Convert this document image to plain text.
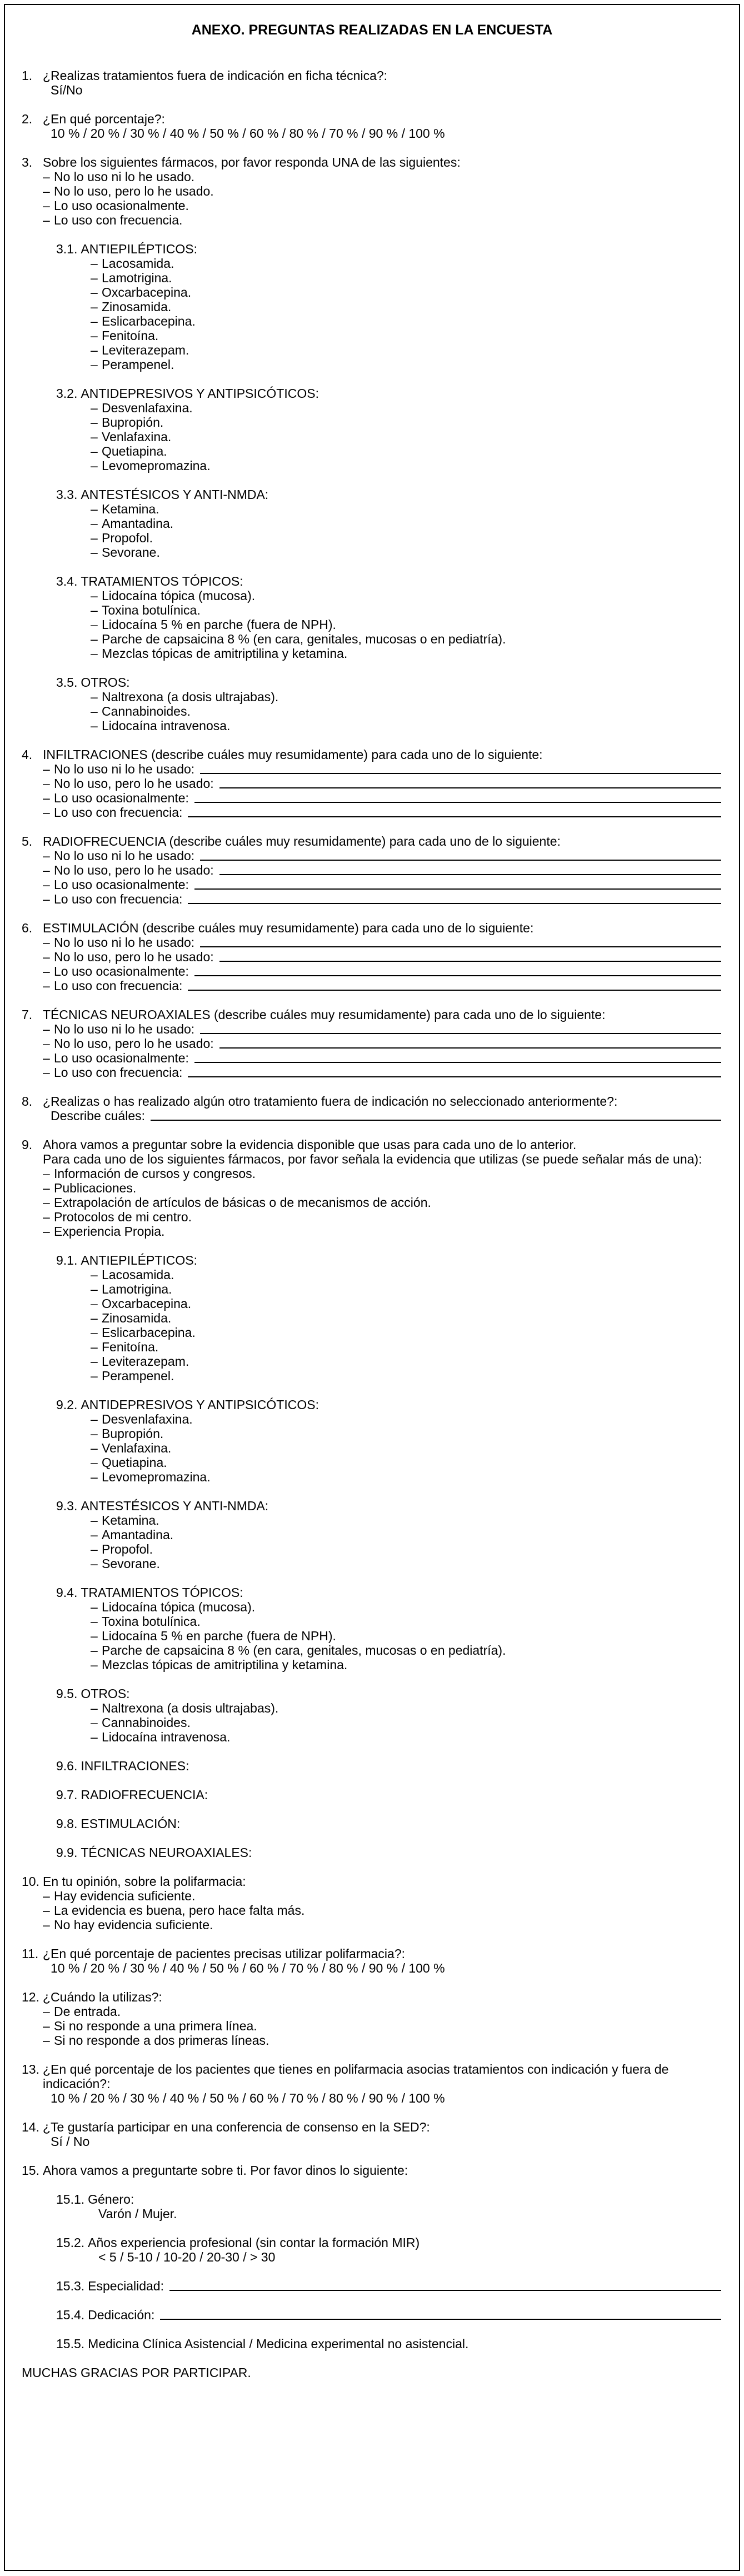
ANEXO. PREGUNTAS REALIZADAS EN LA ENCUESTA
1. ¿Realizas tratamientos fuera de indicación en ficha técnica?:
Sí/No
2. ¿En qué porcentaje?:
10 % / 20 % / 30 % / 40 % / 50 % / 60 % / 80 % / 70 % / 90 % / 100 %
3. Sobre los siguientes fármacos, por favor responda UNA de las siguientes:
– No lo uso ni lo he usado.
– No lo uso, pero lo he usado.
– Lo uso ocasionalmente.
– Lo uso con frecuencia.
3.1. ANTIEPILÉPTICOS:
– Lacosamida.
– Lamotrigina.
– Oxcarbacepina.
– Zinosamida.
– Eslicarbacepina.
– Fenitoína.
– Leviterazepam.
– Perampenel.
3.2. ANTIDEPRESIVOS Y ANTIPSICÓTICOS:
– Desvenlafaxina.
– Bupropión.
– Venlafaxina.
– Quetiapina.
– Levomepromazina.
3.3. ANTESTÉSICOS Y ANTI-NMDA:
– Ketamina.
– Amantadina.
– Propofol.
– Sevorane.
3.4. TRATAMIENTOS TÓPICOS:
– Lidocaína tópica (mucosa).
– Toxina botulínica.
– Lidocaína 5 % en parche (fuera de NPH).
– Parche de capsaicina 8 % (en cara, genitales, mucosas o en pediatría).
– Mezclas tópicas de amitriptilina y ketamina.
3.5. OTROS:
– Naltrexona (a dosis ultrajabas).
– Cannabinoides.
– Lidocaína intravenosa.
4. INFILTRACIONES (describe cuáles muy resumidamente) para cada uno de lo siguiente:
– No lo uso ni lo he usado:
– No lo uso, pero lo he usado:
– Lo uso ocasionalmente:
– Lo uso con frecuencia:
5. RADIOFRECUENCIA (describe cuáles muy resumidamente) para cada uno de lo siguiente:
– No lo uso ni lo he usado:
– No lo uso, pero lo he usado:
– Lo uso ocasionalmente:
– Lo uso con frecuencia:
6. ESTIMULACIÓN (describe cuáles muy resumidamente) para cada uno de lo siguiente:
– No lo uso ni lo he usado:
– No lo uso, pero lo he usado:
– Lo uso ocasionalmente:
– Lo uso con frecuencia:
7. TÉCNICAS NEUROAXIALES (describe cuáles muy resumidamente) para cada uno de lo siguiente:
– No lo uso ni lo he usado:
– No lo uso, pero lo he usado:
– Lo uso ocasionalmente:
– Lo uso con frecuencia:
8. ¿Realizas o has realizado algún otro tratamiento fuera de indicación no seleccionado anteriormente?:
Describe cuáles:
9. Ahora vamos a preguntar sobre la evidencia disponible que usas para cada uno de lo anterior.
Para cada uno de los siguientes fármacos, por favor señala la evidencia que utilizas (se puede señalar más de una):
– Información de cursos y congresos.
– Publicaciones.
– Extrapolación de artículos de básicas o de mecanismos de acción.
– Protocolos de mi centro.
– Experiencia Propia.
9.1. ANTIEPILÉPTICOS:
– Lacosamida.
– Lamotrigina.
– Oxcarbacepina.
– Zinosamida.
– Eslicarbacepina.
– Fenitoína.
– Leviterazepam.
– Perampenel.
9.2. ANTIDEPRESIVOS Y ANTIPSICÓTICOS:
– Desvenlafaxina.
– Bupropión.
– Venlafaxina.
– Quetiapina.
– Levomepromazina.
9.3. ANTESTÉSICOS Y ANTI-NMDA:
– Ketamina.
– Amantadina.
– Propofol.
– Sevorane.
9.4. TRATAMIENTOS TÓPICOS:
– Lidocaína tópica (mucosa).
– Toxina botulínica.
– Lidocaína 5 % en parche (fuera de NPH).
– Parche de capsaicina 8 % (en cara, genitales, mucosas o en pediatría).
– Mezclas tópicas de amitriptilina y ketamina.
9.5. OTROS:
– Naltrexona (a dosis ultrajabas).
– Cannabinoides.
– Lidocaína intravenosa.
9.6. INFILTRACIONES:
9.7. RADIOFRECUENCIA:
9.8. ESTIMULACIÓN:
9.9. TÉCNICAS NEUROAXIALES:
10. En tu opinión, sobre la polifarmacia:
– Hay evidencia suficiente.
– La evidencia es buena, pero hace falta más.
– No hay evidencia suficiente.
11. ¿En qué porcentaje de pacientes precisas utilizar polifarmacia?:
10 % / 20 % / 30 % / 40 % / 50 % / 60 % / 70 % / 80 % / 90 % / 100 %
12. ¿Cuándo la utilizas?:
– De entrada.
– Si no responde a una primera línea.
– Si no responde a dos primeras líneas.
13. ¿En qué porcentaje de los pacientes que tienes en polifarmacia asocias tratamientos con indicación y fuera de indicación?:
10 % / 20 % / 30 % / 40 % / 50 % / 60 % / 70 % / 80 % / 90 % / 100 %
14. ¿Te gustaría participar en una conferencia de consenso en la SED?:
Sí / No
15. Ahora vamos a preguntarte sobre ti. Por favor dinos lo siguiente:
15.1. Género:
Varón / Mujer.
15.2. Años experiencia profesional (sin contar la formación MIR)
< 5 / 5-10 / 10-20 / 20-30 / > 30
15.3. Especialidad:
15.4. Dedicación:
15.5. Medicina Clínica Asistencial / Medicina experimental no asistencial.

MUCHAS GRACIAS POR PARTICIPAR.
